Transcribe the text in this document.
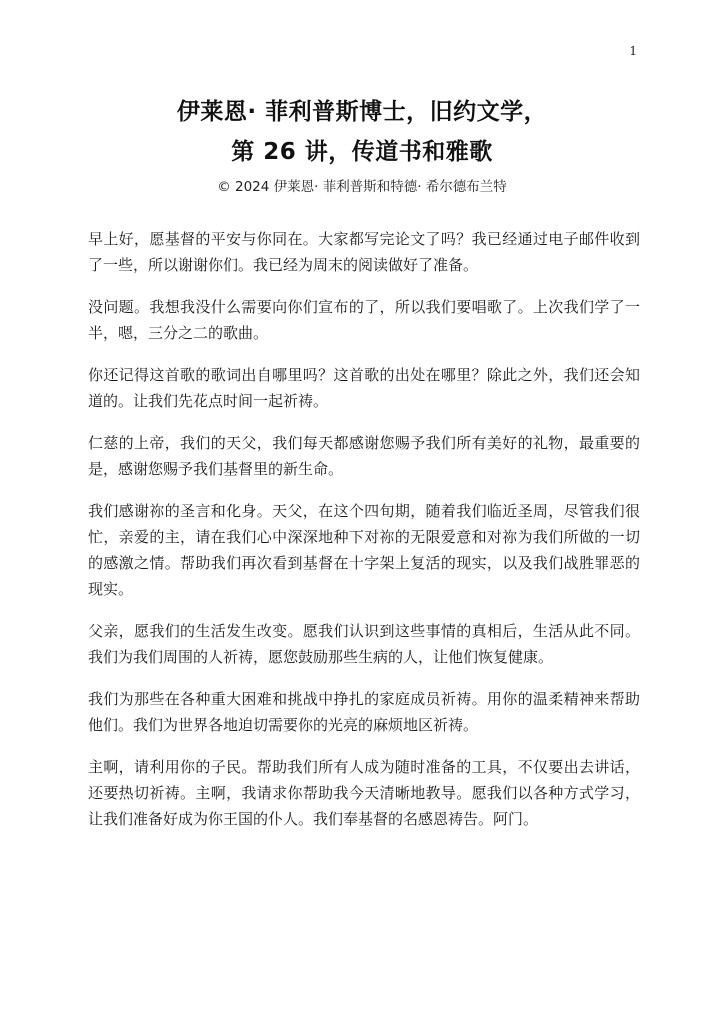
1
伊莱恩· 菲利普斯博士，旧约文学，
第 26 讲，传道书和雅歌
© 2024 伊莱恩· 菲利普斯和特德· 希尔德布兰特

早上好，愿基督的平安与你同在。大家都写完论文了吗？我已经通过电子邮件收到了一些，所以谢谢你们。我已经为周末的阅读做好了准备。

没问题。我想我没什么需要向你们宣布的了，所以我们要唱歌了。上次我们学了一半，嗯，三分之二的歌曲。

你还记得这首歌的歌词出自哪里吗？这首歌的出处在哪里？除此之外，我们还会知道的。让我们先花点时间一起祈祷。

仁慈的上帝，我们的天父，我们每天都感谢您赐予我们所有美好的礼物，最重要的是，感谢您赐予我们基督里的新生命。

我们感谢祢的圣言和化身。天父，在这个四旬期，随着我们临近圣周，尽管我们很忙，亲爱的主，请在我们心中深深地种下对祢的无限爱意和对祢为我们所做的一切的感激之情。帮助我们再次看到基督在十字架上复活的现实，以及我们战胜罪恶的现实。

父亲，愿我们的生活发生改变。愿我们认识到这些事情的真相后，生活从此不同。我们为我们周围的人祈祷，愿您鼓励那些生病的人，让他们恢复健康。

我们为那些在各种重大困难和挑战中挣扎的家庭成员祈祷。用你的温柔精神来帮助他们。我们为世界各地迫切需要你的光亮的麻烦地区祈祷。

主啊，请利用你的子民。帮助我们所有人成为随时准备的工具，不仅要出去讲话，还要热切祈祷。主啊，我请求你帮助我今天清晰地教导。愿我们以各种方式学习，让我们准备好成为你王国的仆人。我们奉基督的名感恩祷告。阿门。
